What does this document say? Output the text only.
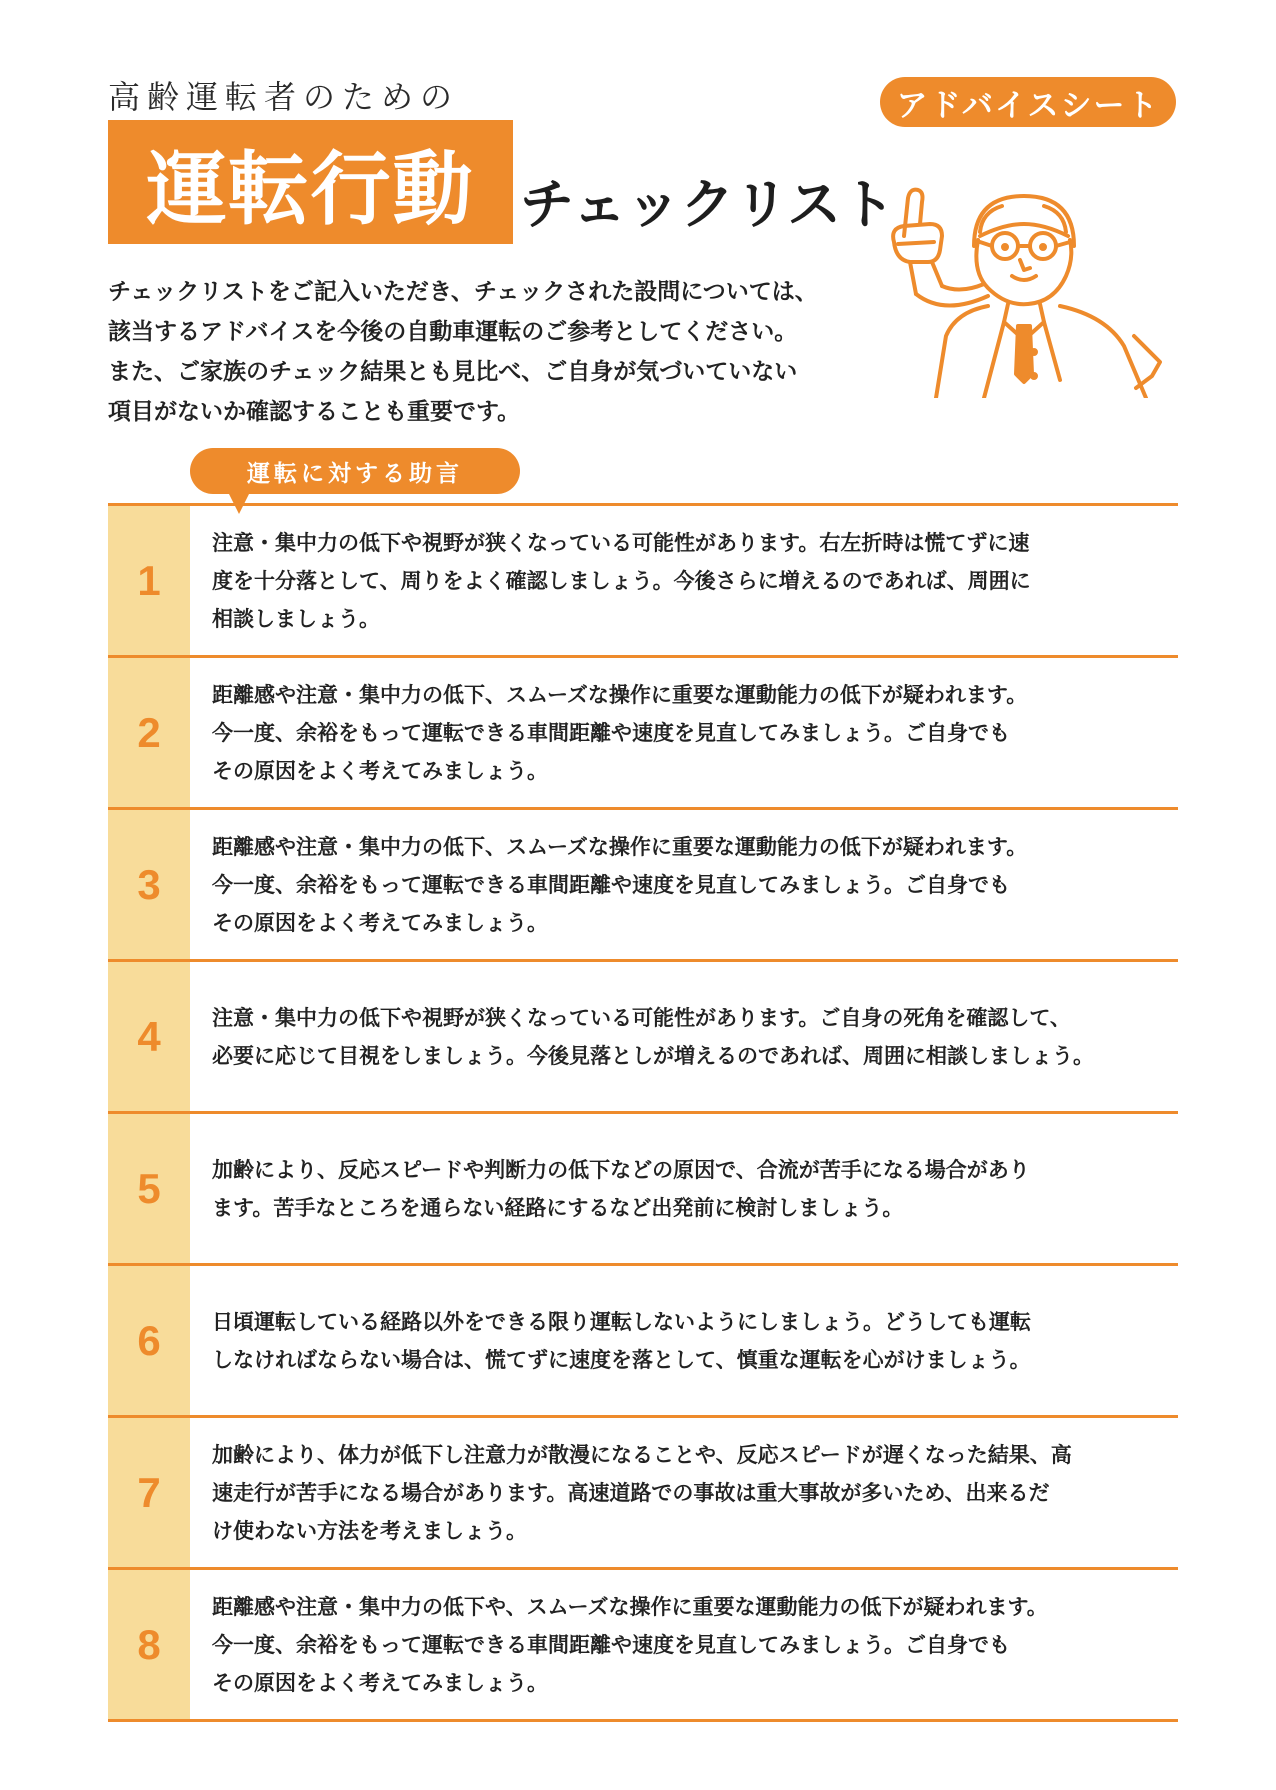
高齢運転者のための
運転行動 チェックリスト
アドバイスシート
チェックリストをご記入いただき、チェックされた設問については、
該当するアドバイスを今後の自動車運転のご参考としてください。
また、ご家族のチェック結果とも見比べ、ご自身が気づいていない
項目がないか確認することも重要です。
運転に対する助言
1
注意・集中力の低下や視野が狭くなっている可能性があります。右左折時は慌てずに速
度を十分落として、周りをよく確認しましょう。今後さらに増えるのであれば、周囲に
相談しましょう。
2
距離感や注意・集中力の低下、スムーズな操作に重要な運動能力の低下が疑われます。
今一度、余裕をもって運転できる車間距離や速度を見直してみましょう。ご自身でも
その原因をよく考えてみましょう。
3
距離感や注意・集中力の低下、スムーズな操作に重要な運動能力の低下が疑われます。
今一度、余裕をもって運転できる車間距離や速度を見直してみましょう。ご自身でも
その原因をよく考えてみましょう。
4	注意・集中力の低下や視野が狭くなっている可能性があります。ご自身の死角を確認して、
必要に応じて目視をしましょう。今後見落としが増えるのであれば、周囲に相談しましょう。
5	加齢により、反応スピードや判断力の低下などの原因で、合流が苦手になる場合があり
ます。苦手なところを通らない経路にするなど出発前に検討しましょう。
6	日頃運転している経路以外をできる限り運転しないようにしましょう。どうしても運転
しなければならない場合は、慌てずに速度を落として、慎重な運転を心がけましょう。
7
加齢により、体力が低下し注意力が散漫になることや、反応スピードが遅くなった結果、高
速走行が苦手になる場合があります。高速道路での事故は重大事故が多いため、出来るだ
け使わない方法を考えましょう。
8
距離感や注意・集中力の低下や、スムーズな操作に重要な運動能力の低下が疑われます。
今一度、余裕をもって運転できる車間距離や速度を見直してみましょう。ご自身でも
その原因をよく考えてみましょう。
